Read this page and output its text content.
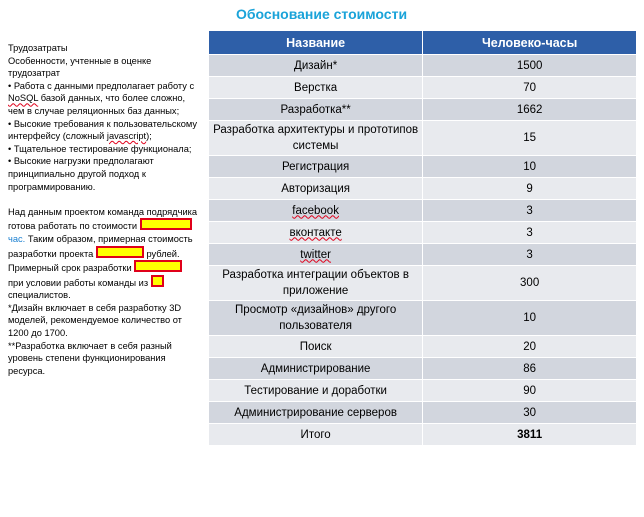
Обоснование стоимости

Трудозатраты

Особенности, учтенные в оценке трудозатрат

• Работа с данными предполагает работу с NoSQL базой данных, что более сложно, чем в случае реляционных баз данных;

• Высокие требования к пользовательскому интерфейсу (сложный javascript);

• Тщательное тестирование функционала;

• Высокие нагрузки предполагают принципиально другой подход к программированию.

Над данным проектом команда подрядчика готова работать по стоимости час. Таким образом, примерная стоимость разработки проекта	рублей. Примерный срок разработки  при условии работы команды из  специалистов.

*Дизайн включает в себя разработку 3D моделей, рекомендуемое количество от 1200 до 1700.

**Разработка включает в себя разный уровень степени функционирования ресурса.

Название	Человеко-часы
Дизайн*	1500
Верстка	70
Разработка**	1662
Разработка архитектуры и прототипов системы	15
Регистрация	10
Авторизация	9
facebook	3
вконтакте	3
twitter	3
Разработка интеграции объектов в приложение	300
Просмотр «дизайнов» другого пользователя	10
Поиск	20
Администрирование	86
Тестирование и доработки	90
Администрирование серверов	30
Итого	3811
